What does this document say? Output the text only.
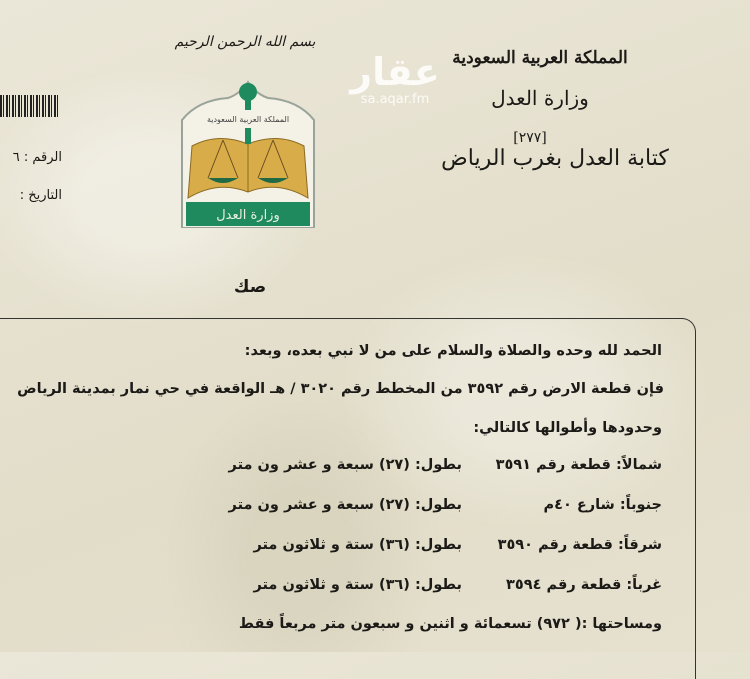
الرقم : ٦
التاريخ :
بسم الله الرحمن الرحيم
المملكة العربية السعودية
وزارة العدل
صك
عقار
sa.aqar.fm
المملكة العربية السعودية
وزارة العدل
[٢٧٧]
كتابة العدل بغرب الرياض
الحمد لله وحده والصلاة والسلام على من لا نبي بعده، وبعد:
فإن قطعة الارض رقم ٣٥٩٢ من المخطط رقم ٣٠٢٠ / هـ الواقعة في حي نمار بمدينة الرياض
وحدودها وأطوالها كالتالي:
شمالاً: قطعة رقم ٣٥٩١بطول: (٢٧) سبعة و عشر ون متر
جنوباً: شارع ٤٠مبطول: (٢٧) سبعة و عشر ون متر
شرقاً: قطعة رقم ٣٥٩٠بطول: (٣٦) ستة و ثلاثون متر
غرباً: قطعة رقم ٣٥٩٤بطول: (٣٦) ستة و ثلاثون متر
ومساحتها :( ٩٧٢) تسعمائة و اثنين و سبعون متر مربعاً فقط
